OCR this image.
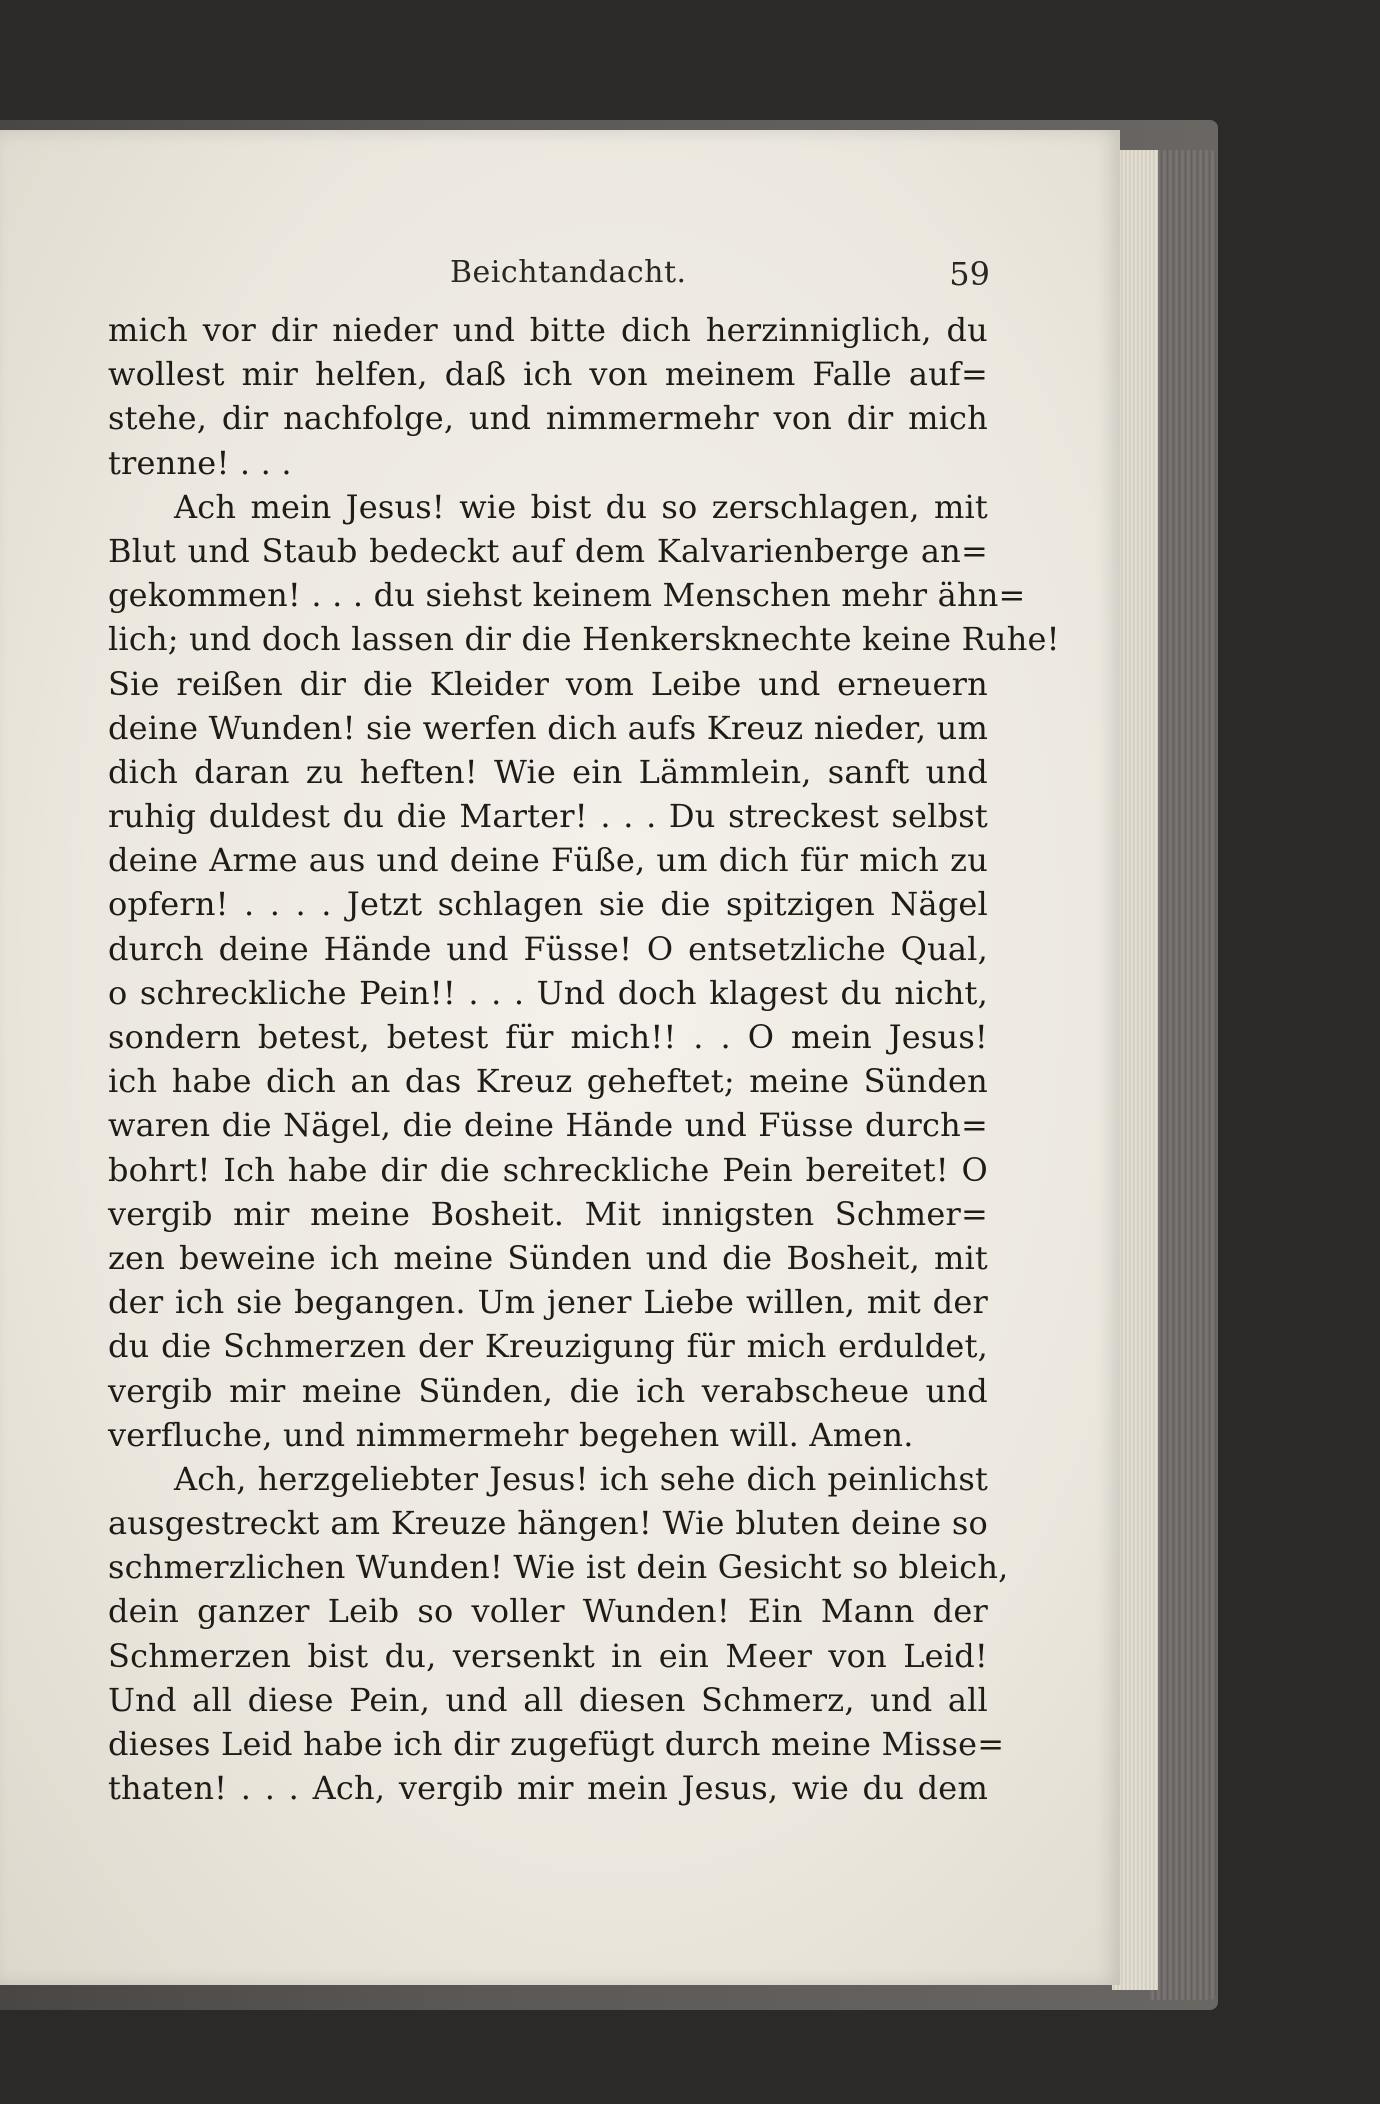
Beichtandacht.	59
mich vor dir nieder und bitte dich herzinniglich, du
wollest mir helfen, daß ich von meinem Falle auf=
stehe, dir nachfolge, und nimmermehr von dir mich
trenne! . . .
Ach mein Jesus! wie bist du so zerschlagen, mit
Blut und Staub bedeckt auf dem Kalvarienberge an=
gekommen! . . . du siehst keinem Menschen mehr ähn=
lich; und doch lassen dir die Henkersknechte keine Ruhe!
Sie reißen dir die Kleider vom Leibe und erneuern
deine Wunden! sie werfen dich aufs Kreuz nieder, um
dich daran zu heften! Wie ein Lämmlein, sanft und
ruhig duldest du die Marter! . . . Du streckest selbst
deine Arme aus und deine Füße, um dich für mich zu
opfern! . . . . Jetzt schlagen sie die spitzigen Nägel
durch deine Hände und Füsse! O entsetzliche Qual,
o schreckliche Pein!! . . . Und doch klagest du nicht,
sondern betest, betest für mich!! . . O mein Jesus!
ich habe dich an das Kreuz geheftet; meine Sünden
waren die Nägel, die deine Hände und Füsse durch=
bohrt! Ich habe dir die schreckliche Pein bereitet! O
vergib mir meine Bosheit. Mit innigsten Schmer=
zen beweine ich meine Sünden und die Bosheit, mit
der ich sie begangen. Um jener Liebe willen, mit der
du die Schmerzen der Kreuzigung für mich erduldet,
vergib mir meine Sünden, die ich verabscheue und
verfluche, und nimmermehr begehen will. Amen.
Ach, herzgeliebter Jesus! ich sehe dich peinlichst
ausgestreckt am Kreuze hängen! Wie bluten deine so
schmerzlichen Wunden! Wie ist dein Gesicht so bleich,
dein ganzer Leib so voller Wunden! Ein Mann der
Schmerzen bist du, versenkt in ein Meer von Leid!
Und all diese Pein, und all diesen Schmerz, und all
dieses Leid habe ich dir zugefügt durch meine Misse=
thaten! . . . Ach, vergib mir mein Jesus, wie du dem
